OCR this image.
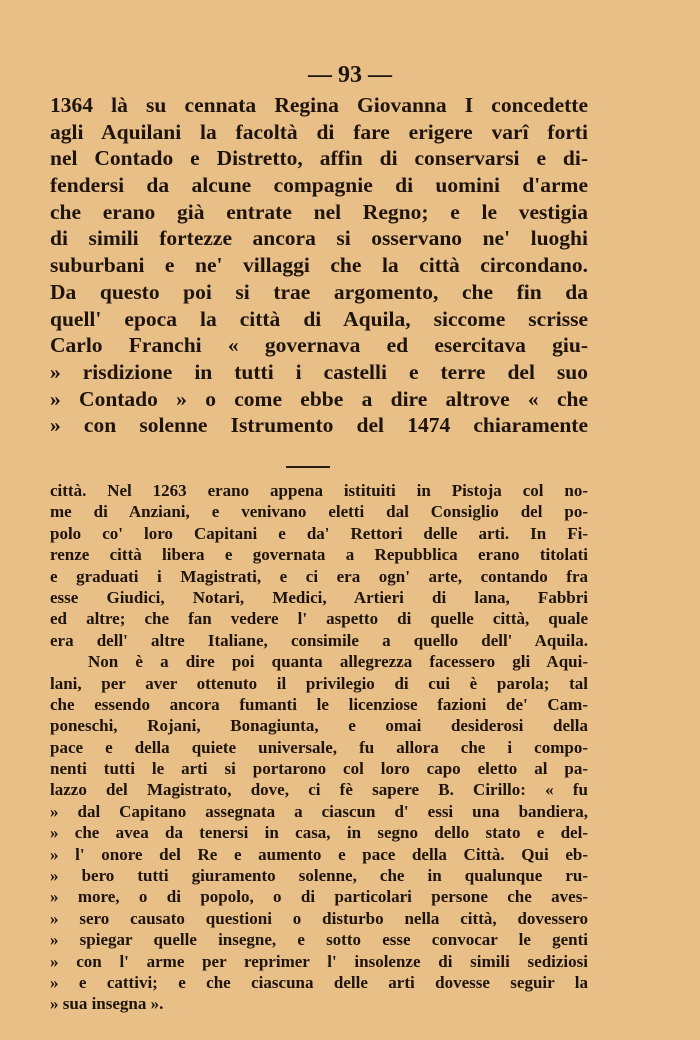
— 93 —
1364 là su cennata Regina Giovanna I concedette
agli Aquilani la facoltà di fare erigere varî forti
nel Contado e Distretto, affin di conservarsi e di-
fendersi da alcune compagnie di uomini d'arme
che erano già entrate nel Regno; e le vestigia
di simili fortezze ancora si osservano ne' luoghi
suburbani e ne' villaggi che la città circondano.
Da questo poi si trae argomento, che fin da
quell' epoca la città di Aquila, siccome scrisse
Carlo Franchi « governava ed esercitava giu-
» risdizione in tutti i castelli e terre del suo
» Contado » o come ebbe a dire altrove « che
» con solenne Istrumento del 1474 chiaramente
città. Nel 1263 erano appena istituiti in Pistoja col no-
me di Anziani, e venivano eletti dal Consiglio del po-
polo co' loro Capitani e da' Rettori delle arti. In Fi-
renze città libera e governata a Repubblica erano titolati
e graduati i Magistrati, e ci era ogn' arte, contando fra
esse Giudici, Notari, Medici, Artieri di lana, Fabbri
ed altre; che fan vedere l' aspetto di quelle città, quale
era dell' altre Italiane, consimile a quello dell' Aquila.
Non è a dire poi quanta allegrezza facessero gli Aqui-
lani, per aver ottenuto il privilegio di cui è parola; tal
che essendo ancora fumanti le licenziose fazioni de' Cam-
poneschi, Rojani, Bonagiunta, e omai desiderosi della
pace e della quiete universale, fu allora che i compo-
nenti tutti le arti si portarono col loro capo eletto al pa-
lazzo del Magistrato, dove, ci fè sapere B. Cirillo: « fu
» dal Capitano assegnata a ciascun d' essi una bandiera,
» che avea da tenersi in casa, in segno dello stato e del-
» l' onore del Re e aumento e pace della Città. Qui eb-
» bero tutti giuramento solenne, che in qualunque ru-
» more, o di popolo, o di particolari persone che aves-
» sero causato questioni o disturbo nella città, dovessero
» spiegar quelle insegne, e sotto esse convocar le genti
» con l' arme per reprimer l' insolenze di simili sediziosi
» e cattivi; e che ciascuna delle arti dovesse seguir la
» sua insegna ».
